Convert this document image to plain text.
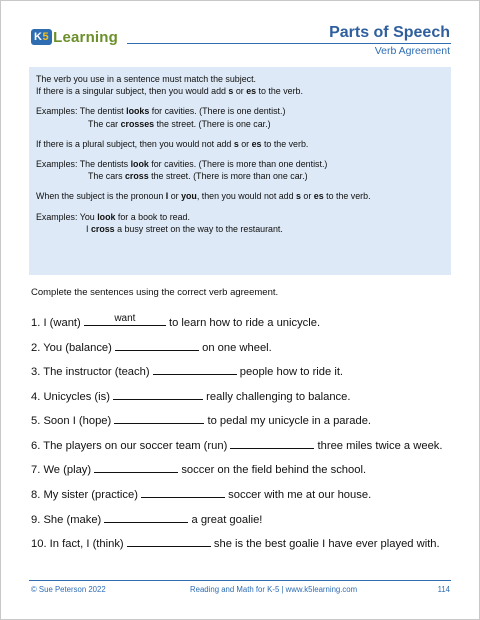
K5 Learning	Parts of Speech
Verb Agreement

The verb you use in a sentence must match the subject.

If there is a singular subject, then you would add s or es to the verb.

Examples: The dentist looks for cavities. (There is one dentist.)

The car crosses the street. (There is one car.)

If there is a plural subject, then you would not add s or es to the verb.

Examples: The dentists look for cavities. (There is more than one dentist.)

The cars cross the street. (There is more than one car.)

When the subject is the pronoun I or you, then you would not add s or es to the verb.

Examples: You look for a book to read.

I cross a busy street on the way to the restaurant.

Complete the sentences using the correct verb agreement.
1. I (want)	want	to learn how to ride a unicycle.
2. You (balance)	on one wheel.
3. The instructor (teach)	people how to ride it.
4. Unicycles (is)	really challenging to balance.
5. Soon I (hope)	to pedal my unicycle in a parade.
6. The players on our soccer team (run)	three miles twice a week.
7. We (play)	soccer on the field behind the school.
8. My sister (practice)	soccer with me at our house.
9. She (make)	a great goalie!
10. In fact, I (think)	she is the best goalie I have ever played with.
© Sue Peterson 2022	Reading and Math for K-5 | www.k5learning.com	114
